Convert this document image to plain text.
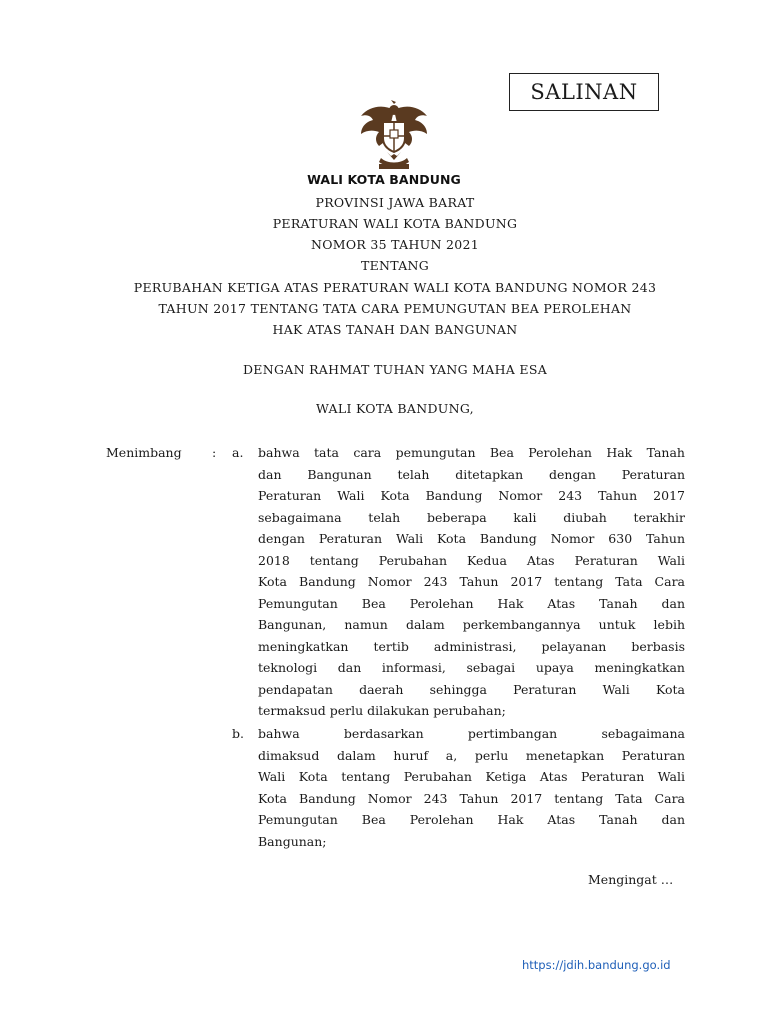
SALINAN
WALI KOTA BANDUNG
PROVINSI JAWA BARAT
PERATURAN WALI KOTA BANDUNG
NOMOR 35 TAHUN 2021
TENTANG
PERUBAHAN KETIGA ATAS PERATURAN WALI KOTA BANDUNG NOMOR 243
TAHUN 2017 TENTANG TATA CARA PEMUNGUTAN BEA PEROLEHAN
HAK ATAS TANAH DAN BANGUNAN
DENGAN RAHMAT TUHAN YANG MAHA ESA
WALI KOTA BANDUNG,
Menimbang : a.
b.
bahwa tata cara pemungutan Bea Perolehan Hak Tanah
dan Bangunan telah ditetapkan dengan Peraturan
Peraturan Wali Kota Bandung Nomor 243 Tahun 2017
sebagaimana telah beberapa kali diubah terakhir
dengan Peraturan Wali Kota Bandung Nomor 630 Tahun
2018 tentang Perubahan Kedua Atas Peraturan Wali
Kota Bandung Nomor 243 Tahun 2017 tentang Tata Cara
Pemungutan Bea Perolehan Hak Atas Tanah dan
Bangunan, namun dalam perkembangannya untuk lebih
meningkatkan tertib administrasi, pelayanan berbasis
teknologi dan informasi, sebagai upaya meningkatkan
pendapatan daerah sehingga Peraturan Wali Kota
termaksud perlu dilakukan perubahan;
bahwa berdasarkan pertimbangan sebagaimana
dimaksud dalam huruf a, perlu menetapkan Peraturan
Wali Kota tentang Perubahan Ketiga Atas Peraturan Wali
Kota Bandung Nomor 243 Tahun 2017 tentang Tata Cara
Pemungutan Bea Perolehan Hak Atas Tanah dan
Bangunan;
Mengingat …
https://jdih.bandung.go.id
